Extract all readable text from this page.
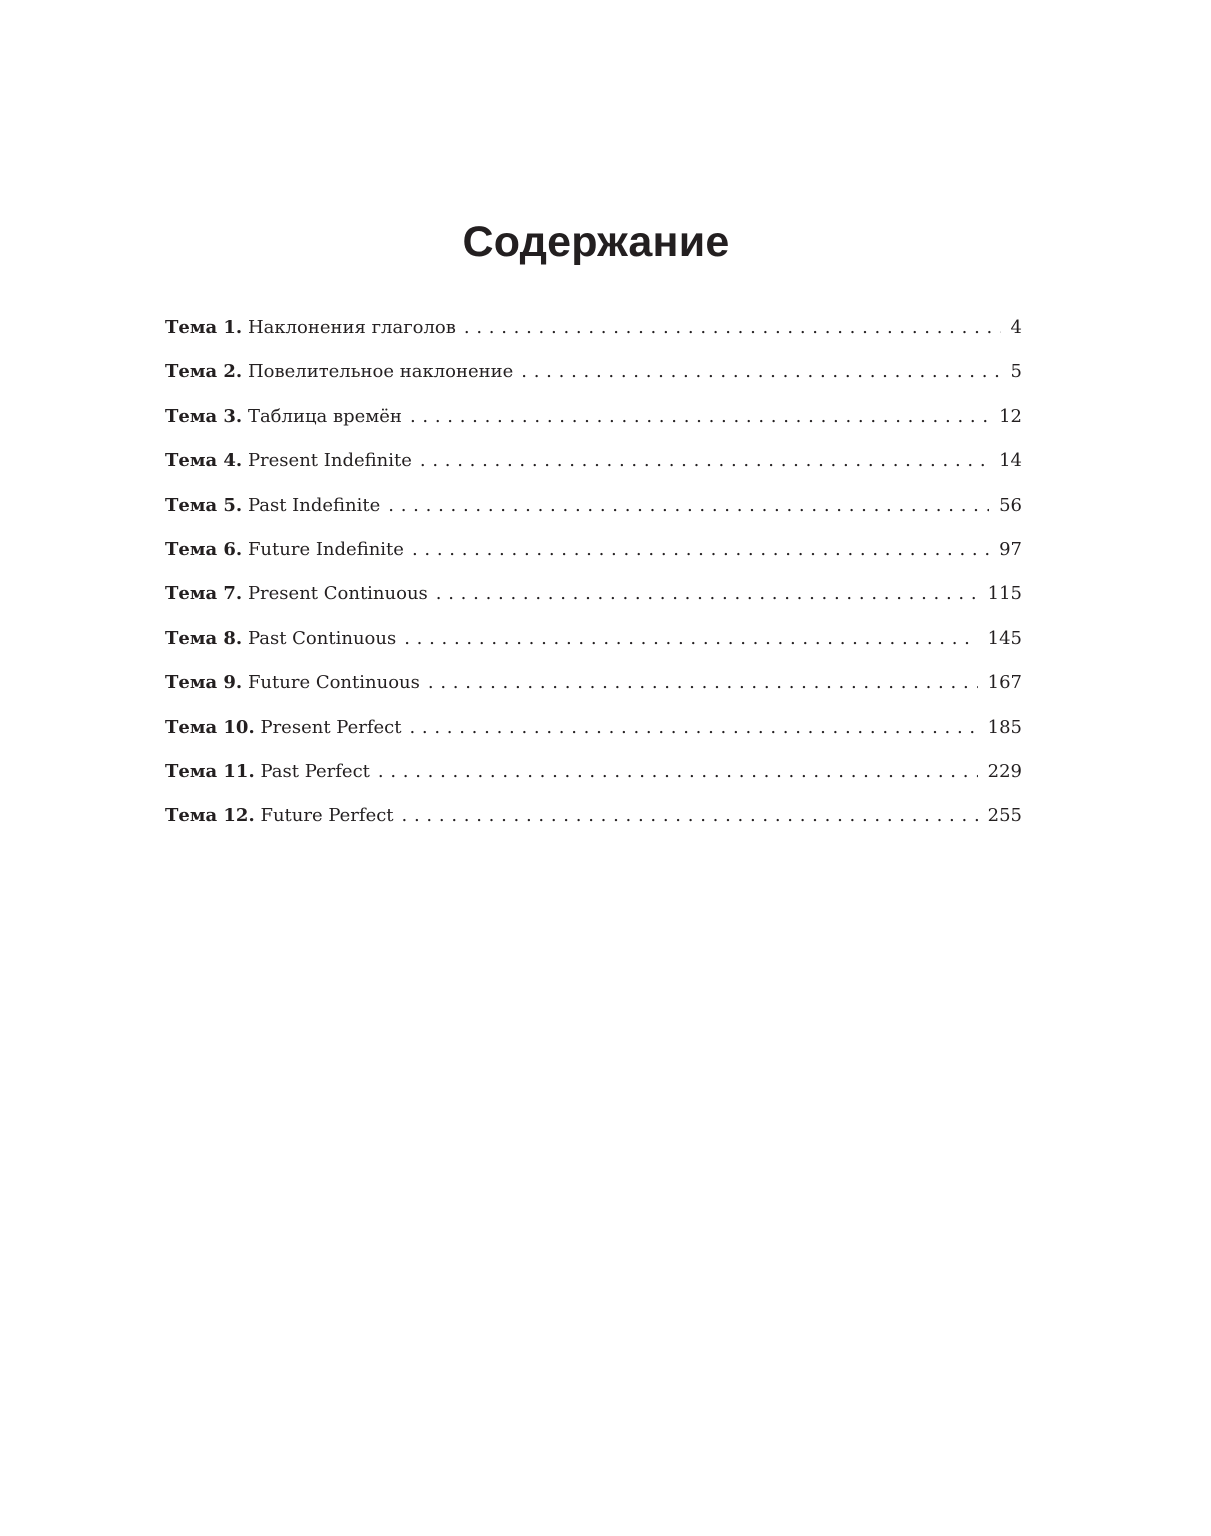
Содержание
Тема 1. Наклонения глаголов . . .	4
Тема 2. Повелительное наклонение . . .	5
Тема 3. Таблица времён . . .	12
Тема 4. Present Indefinite . . .	14
Тема 5. Past Indefinite . . .	56
Тема 6. Future Indefinite . . .	97
Тема 7. Present Continuous . . .	115
Тема 8. Past Continuous . . .	145
Тема 9. Future Continuous . . .	167
Тема 10. Present Perfect . . .	185
Тема 11. Past Perfect . . .	229
Тема 12. Future Perfect . . .	255
